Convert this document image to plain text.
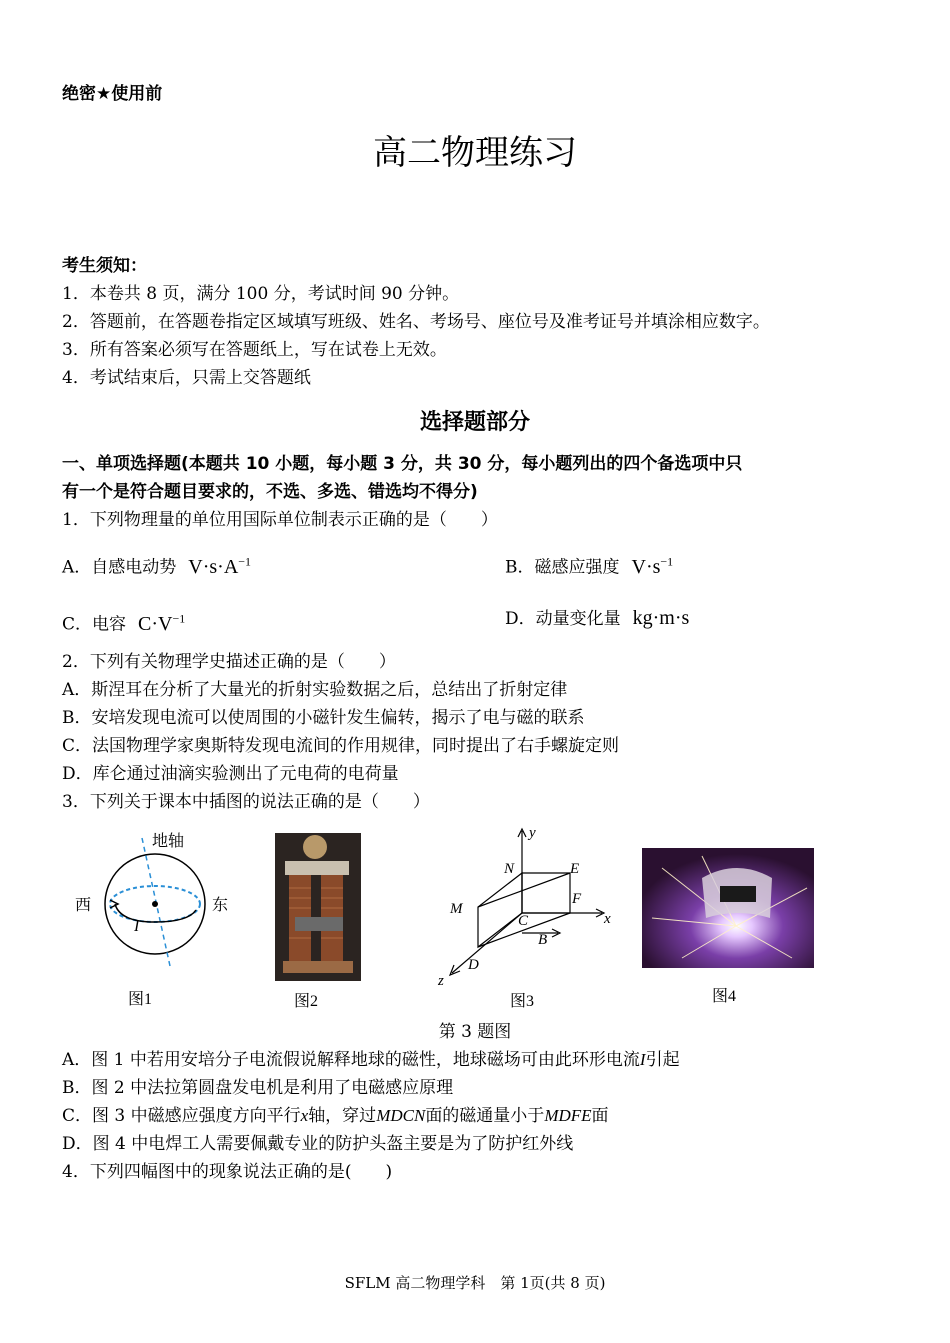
绝密★使用前
高二物理练习
考生须知：
1．本卷共 8 页，满分 100 分，考试时间 90 分钟。
2．答题前，在答题卷指定区域填写班级、姓名、考场号、座位号及准考证号并填涂相应数字。
3．所有答案必须写在答题纸上，写在试卷上无效。
4．考试结束后，只需上交答题纸
选择题部分
一、单项选择题(本题共 10 小题，每小题 3 分，共 30 分，每小题列出的四个备选项中只
有一个是符合题目要求的，不选、多选、错选均不得分)
1．下列物理量的单位用国际单位制表示正确的是（　　）
A．自感电动势 $V\cdot s\cdot A^{-1}$	B．磁感应强度 $V\cdot s^{-1}$
C．电容 $C\cdot V^{-1}$	D．动量变化量 kg·m·s
2．下列有关物理学史描述正确的是（　　）
A．斯涅耳在分析了大量光的折射实验数据之后，总结出了折射定律
B．安培发现电流可以使周围的小磁针发生偏转，揭示了电与磁的联系
C．法国物理学家奥斯特发现电流间的作用规律，同时提出了右手螺旋定则
D．库仑通过油滴实验测出了元电荷的电荷量
3．下列关于课本中插图的说法正确的是（　　）
地轴
西	东
I
图1	图2
y
x
z
N	E
M
F
C
D
B
图3	图4
第 3 题图
A．图 1 中若用安培分子电流假说解释地球的磁性，地球磁场可由此环形电流I引起
B．图 2 中法拉第圆盘发电机是利用了电磁感应原理
C．图 3 中磁感应强度方向平行x轴，穿过MDCN面的磁通量小于MDFE面
D．图 4 中电焊工人需要佩戴专业的防护头盔主要是为了防护红外线
4．下列四幅图中的现象说法正确的是(　　)
SFLM 高二物理学科　第 1页(共 8 页)
